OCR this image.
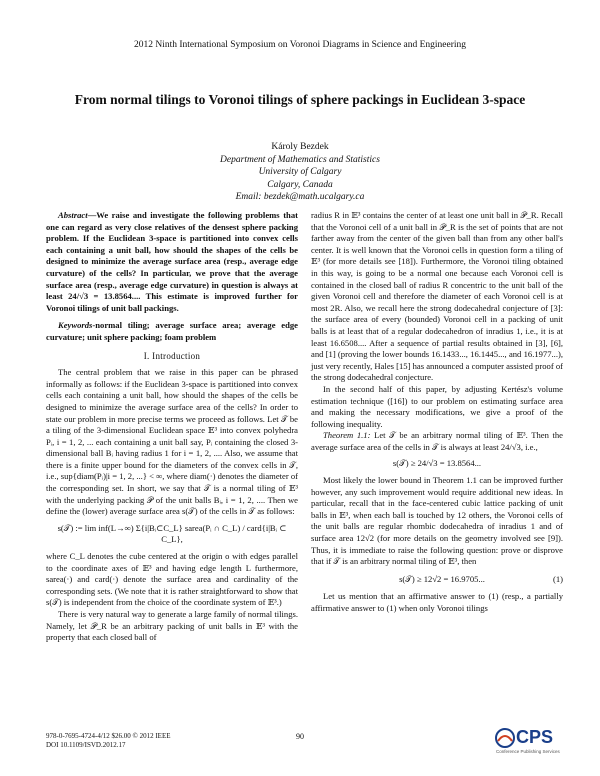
2012 Ninth International Symposium on Voronoi Diagrams in Science and Engineering
From normal tilings to Voronoi tilings of sphere packings in Euclidean 3-space
Károly Bezdek
Department of Mathematics and Statistics
University of Calgary
Calgary, Canada
Email: bezdek@math.ucalgary.ca

Abstract—We raise and investigate the following problems that one can regard as very close relatives of the densest sphere packing problem. If the Euclidean 3-space is partitioned into convex cells each containing a unit ball, how should the shapes of the cells be designed to minimize the average surface area (resp., average edge curvature) of the cells? In particular, we prove that the average surface area (resp., average edge curvature) in question is always at least 24/√3 = 13.8564.... This estimate is improved further for Voronoi tilings of unit ball packings.

Keywords-normal tiling; average surface area; average edge curvature; unit sphere packing; foam problem

I. Introduction

The central problem that we raise in this paper can be phrased informally as follows: if the Euclidean 3-space is partitioned into convex cells each containing a unit ball, how should the shapes of the cells be designed to minimize the average surface area of the cells? In order to state our problem in more precise terms we proceed as follows. Let 𝒯 be a tiling of the 3-dimensional Euclidean space 𝔼³ into convex polyhedra Pᵢ, i = 1, 2, ... each containing a unit ball say, Pᵢ containing the closed 3-dimensional ball Bᵢ having radius 1 for i = 1, 2, .... Also, we assume that there is a finite upper bound for the diameters of the convex cells in 𝒯, i.e., sup{diam(Pᵢ)|i = 1, 2, ...} < ∞, where diam(·) denotes the diameter of the corresponding set. In short, we say that 𝒯 is a normal tiling of 𝔼³ with the underlying packing 𝒫 of the unit balls Bᵢ, i = 1, 2, .... Then we define the (lower) average surface area s(𝒯) of the cells in 𝒯 as follows:

s(𝒯) := lim inf(L→∞) Σ{i|Bᵢ⊂C_L} sarea(Pᵢ ∩ C_L) / card{i|Bᵢ ⊂ C_L},

where C_L denotes the cube centered at the origin o with edges parallel to the coordinate axes of 𝔼³ and having edge length L furthermore, sarea(·) and card(·) denote the surface area and cardinality of the corresponding sets. (We note that it is rather straightforward to show that s(𝒯) is independent from the choice of the coordinate system of 𝔼³.)

There is very natural way to generate a large family of normal tilings. Namely, let 𝒫_R be an arbitrary packing of unit balls in 𝔼³ with the property that each closed ball of

radius R in 𝔼³ contains the center of at least one unit ball in 𝒫_R. Recall that the Voronoi cell of a unit ball in 𝒫_R is the set of points that are not farther away from the center of the given ball than from any other ball's center. It is well known that the Voronoi cells in question form a tiling of 𝔼³ (for more details see [18]). Furthermore, the Voronoi tiling obtained in this way, is going to be a normal one because each Voronoi cell is contained in the closed ball of radius R concentric to the unit ball of the given Voronoi cell and therefore the diameter of each Voronoi cell is at most 2R. Also, we recall here the strong dodecahedral conjecture of [3]: the surface area of every (bounded) Voronoi cell in a packing of unit balls is at least that of a regular dodecahedron of inradius 1, i.e., it is at least 16.6508.... After a sequence of partial results obtained in [3], [6], and [1] (proving the lower bounds 16.1433..., 16.1445..., and 16.1977...), just very recently, Hales [15] has announced a computer assisted proof of the strong dodecahedral conjecture.

In the second half of this paper, by adjusting Kertész's volume estimation technique ([16]) to our problem on estimating surface area and making the necessary modifications, we give a proof of the following inequality.

Theorem 1.1: Let 𝒯 be an arbitrary normal tiling of 𝔼³. Then the average surface area of the cells in 𝒯 is always at least 24/√3, i.e.,

s(𝒯) ≥ 24/√3 = 13.8564...

Most likely the lower bound in Theorem 1.1 can be improved further however, any such improvement would require additional new ideas. In particular, recall that in the face-centered cubic lattice packing of unit balls in 𝔼³, when each ball is touched by 12 others, the Voronoi cells of the unit balls are regular rhombic dodecahedra of inradius 1 and of surface area 12√2 (for more details on the geometry involved see [9]). Thus, it is immediate to raise the following question: prove or disprove that if 𝒯 is an arbitrary normal tiling of 𝔼³, then

s(𝒯) ≥ 12√2 = 16.9705...	(1)

Let us mention that an affirmative answer to (1) (resp., a partially affirmative answer to (1) when only Voronoi tilings

978-0-7695-4724-4/12 $26.00 © 2012 IEEE
DOI 10.1109/ISVD.2012.17
90	CPS
Conference Publishing Services
